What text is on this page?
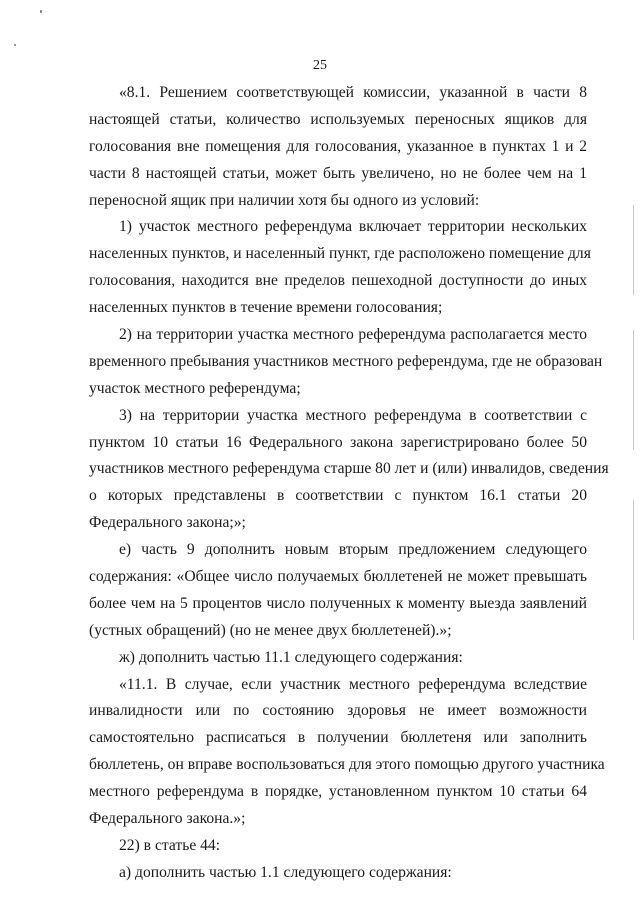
25
«8.1. Решением соответствующей комиссии, указанной в части 8
настоящей статьи, количество используемых переносных ящиков для
голосования вне помещения для голосования, указанное в пунктах 1 и 2
части 8 настоящей статьи, может быть увеличено, но не более чем на 1
переносной ящик при наличии хотя бы одного из условий:
1) участок местного референдума включает территории нескольких
населенных пунктов, и населенный пункт, где расположено помещение для
голосования, находится вне пределов пешеходной доступности до иных
населенных пунктов в течение времени голосования;
2) на территории участка местного референдума располагается место
временного пребывания участников местного референдума, где не образован
участок местного референдума;
3) на территории участка местного референдума в соответствии с
пунктом 10 статьи 16 Федерального закона зарегистрировано более 50
участников местного референдума старше 80 лет и (или) инвалидов, сведения
о которых представлены в соответствии с пунктом 16.1 статьи 20
Федерального закона;»;
е) часть 9 дополнить новым вторым предложением следующего
содержания: «Общее число получаемых бюллетеней не может превышать
более чем на 5 процентов число полученных к моменту выезда заявлений
(устных обращений) (но не менее двух бюллетеней).»;
ж) дополнить частью 11.1 следующего содержания:
«11.1. В случае, если участник местного референдума вследствие
инвалидности или по состоянию здоровья не имеет возможности
самостоятельно расписаться в получении бюллетеня или заполнить
бюллетень, он вправе воспользоваться для этого помощью другого участника
местного референдума в порядке, установленном пунктом 10 статьи 64
Федерального закона.»;
22) в статье 44:
а) дополнить частью 1.1 следующего содержания:
